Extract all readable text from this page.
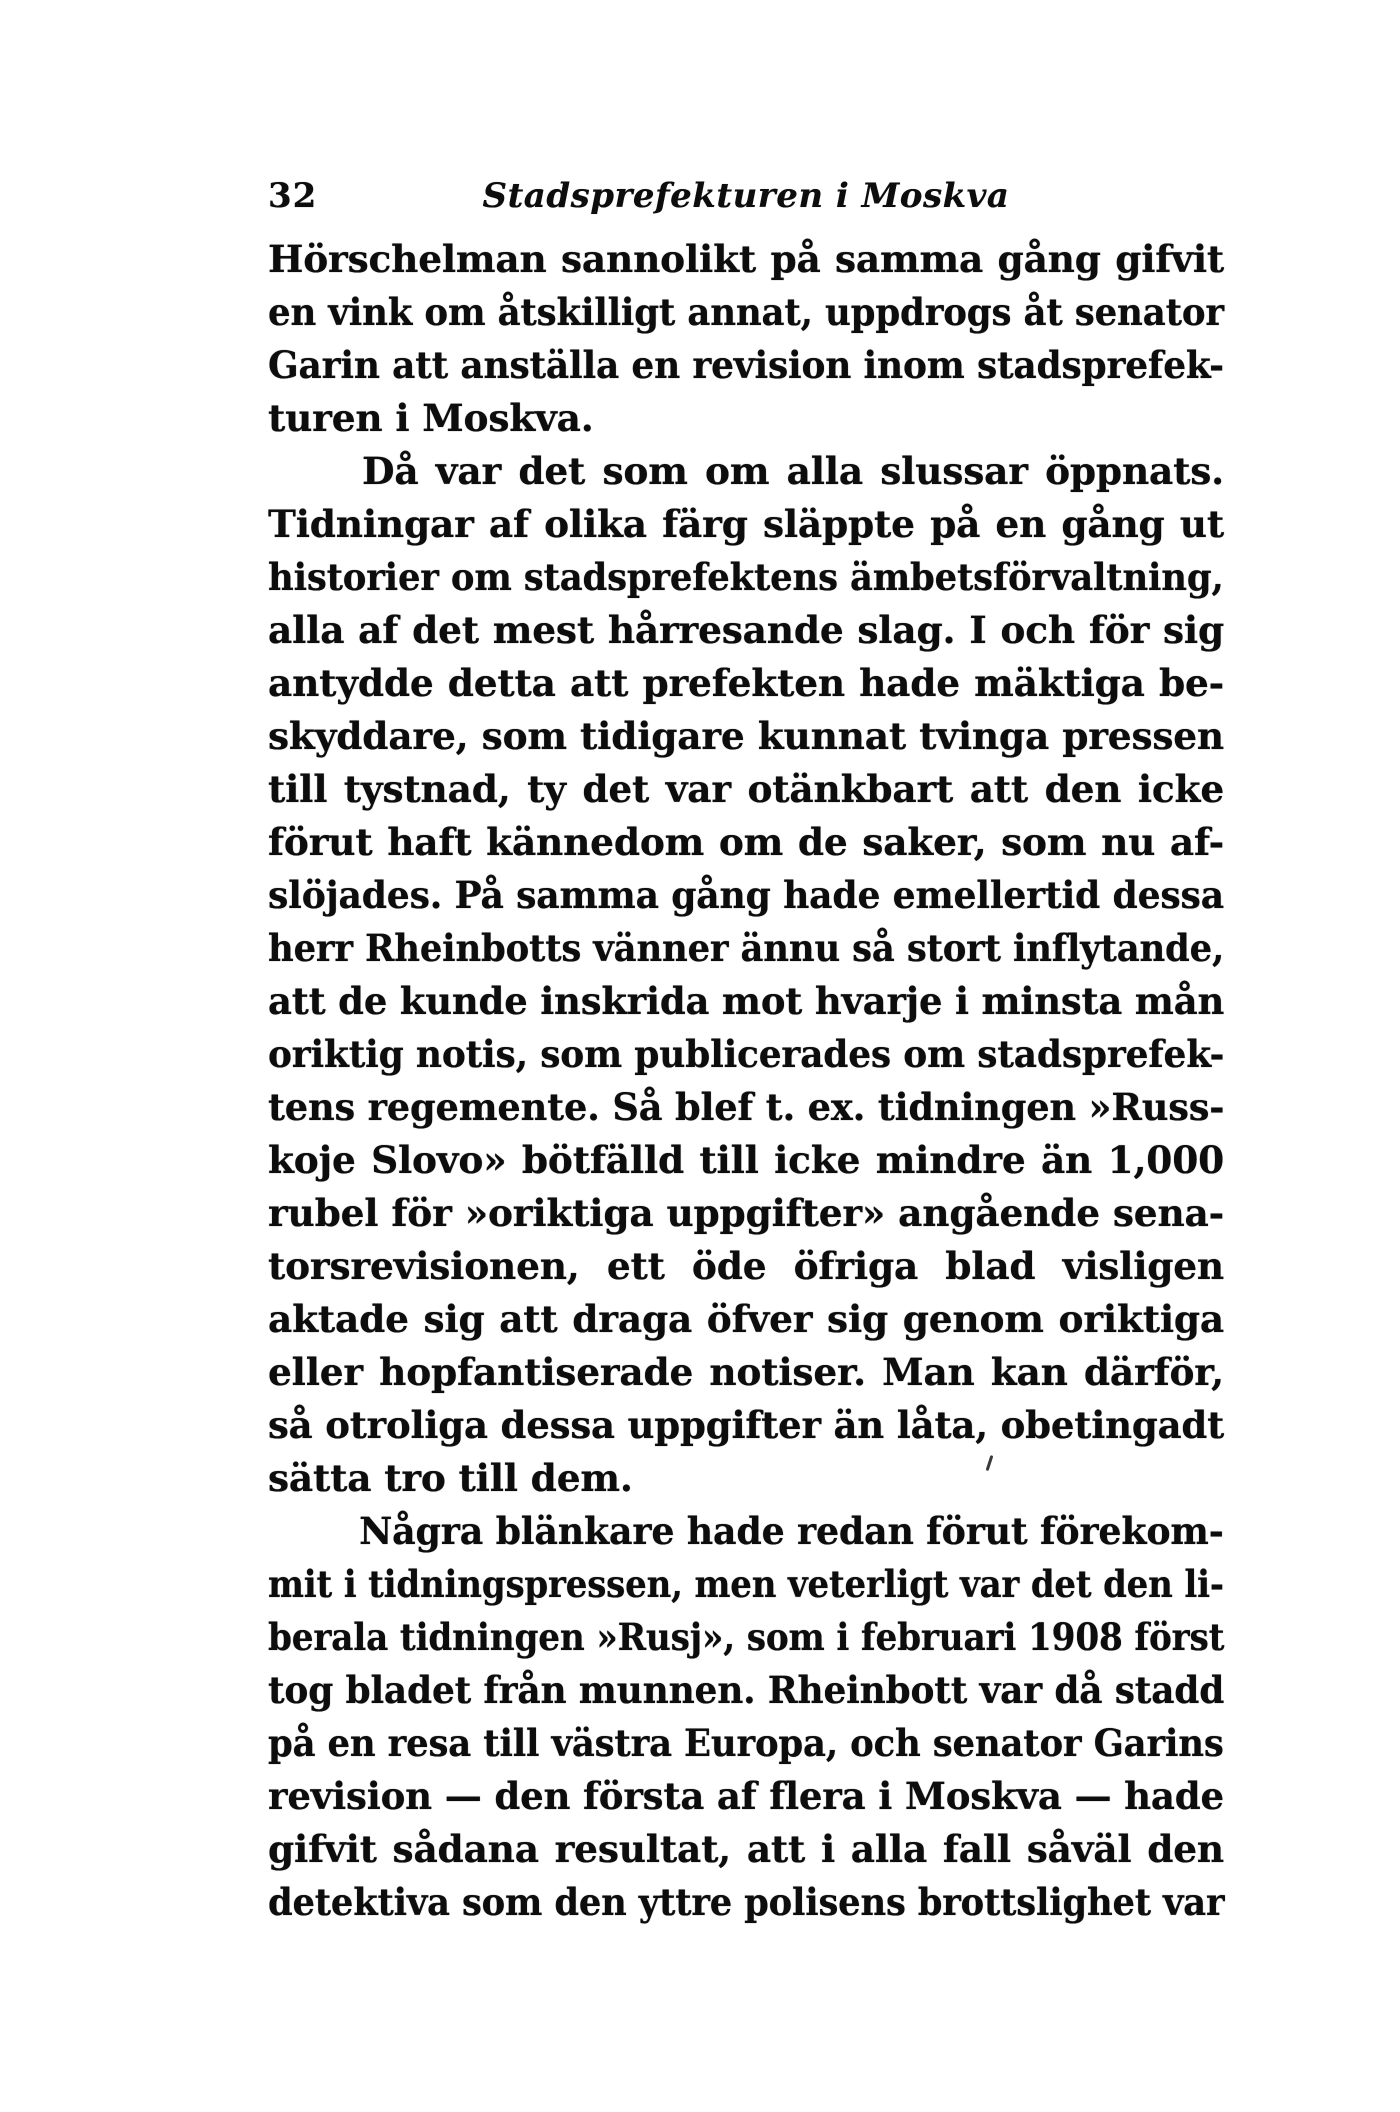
32	Stadsprefekturen i Moskva
Hörschelman sannolikt på samma gång gifvit
en vink om åtskilligt annat, uppdrogs åt senator
Garin att anställa en revision inom stadsprefek-
turen i Moskva.
Då var det som om alla slussar öppnats.
Tidningar af olika färg släppte på en gång ut
historier om stadsprefektens ämbetsförvaltning,
alla af det mest hårresande slag. I och för sig
antydde detta att prefekten hade mäktiga be-
skyddare, som tidigare kunnat tvinga pressen
till tystnad, ty det var otänkbart att den icke
förut haft kännedom om de saker, som nu af-
slöjades. På samma gång hade emellertid dessa
herr Rheinbotts vänner ännu så stort inflytande,
att de kunde inskrida mot hvarje i minsta mån
oriktig notis, som publicerades om stadsprefek-
tens regemente. Så blef t. ex. tidningen »Russ-
koje Slovo» bötfälld till icke mindre än 1,000
rubel för »oriktiga uppgifter» angående sena-
torsrevisionen, ett öde öfriga blad visligen
aktade sig att draga öfver sig genom oriktiga
eller hopfantiserade notiser. Man kan därför,
så otroliga dessa uppgifter än låta, obetingadt
sätta tro till dem.
Några blänkare hade redan förut förekom-
mit i tidningspressen, men veterligt var det den li-
berala tidningen »Rusj», som i februari 1908 först
tog bladet från munnen. Rheinbott var då stadd
på en resa till västra Europa, och senator Garins
revision — den första af flera i Moskva — hade
gifvit sådana resultat, att i alla fall såväl den
detektiva som den yttre polisens brottslighet var
